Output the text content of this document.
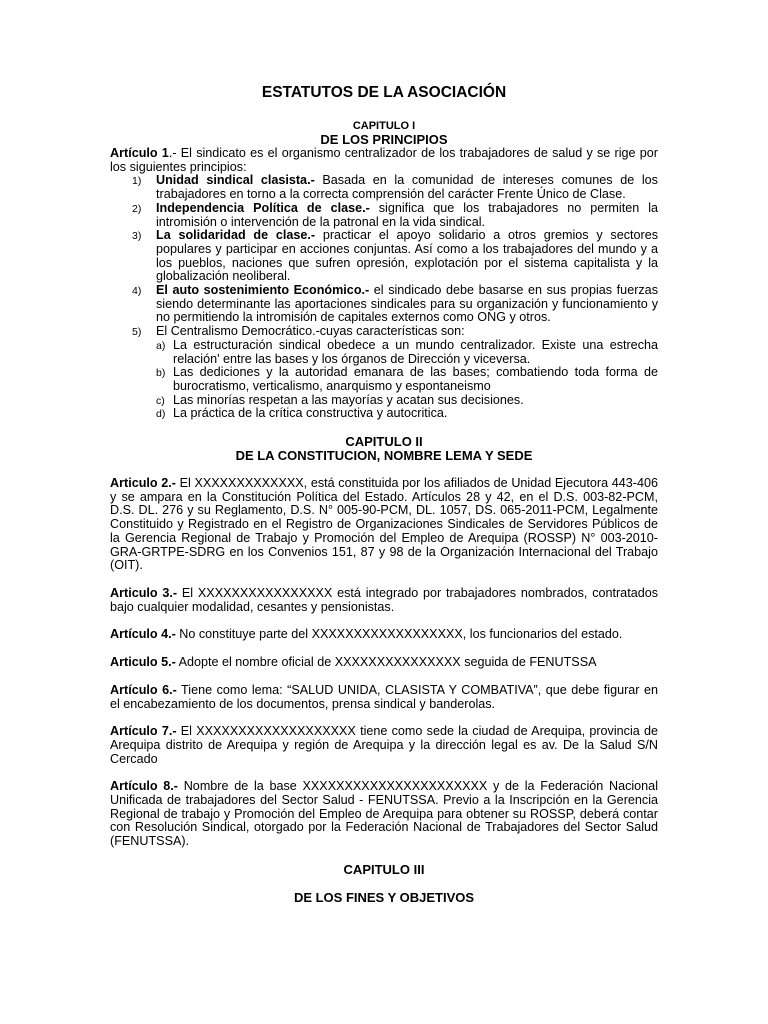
ESTATUTOS DE LA ASOCIACIÓN
CAPITULO I
DE LOS PRINCIPIOS

Artículo 1.- El sindicato es el organismo centralizador de los trabajadores de salud y se rige por los siguientes principios:

1) Unidad sindical clasista.- Basada en la comunidad de intereses comunes de los trabajadores en torno a la correcta comprensión del carácter Frente Único de Clase.
2) Independencia Política de clase.- significa que los trabajadores no permiten la intromisión o intervención de la patronal en la vida sindical.
3) La solidaridad de clase.- practicar el apoyo solidario a otros gremios y sectores populares y participar en acciones conjuntas. Así como a los trabajadores del mundo y a los pueblos, naciones que sufren opresión, explotación por el sistema capitalista y la globalización neoliberal.
4) El auto sostenimiento Económico.- el sindicado debe basarse en sus propias fuerzas siendo determinante las aportaciones sindicales para su organización y funcionamiento y no permitiendo la intromisión de capitales externos como ONG y otros.
5) El Centralismo Democrático.-cuyas características son:
a) La estructuración sindical obedece a un mundo centralizador. Existe una estrecha relación' entre las bases y los órganos de Dirección y viceversa.
b) Las dediciones y la autoridad emanara de las bases; combatiendo toda forma de burocratismo, verticalismo, anarquismo y espontaneismo
c) Las minorías respetan a las mayorías y acatan sus decisiones.
d) La práctica de la crítica constructiva y autocritica.
CAPITULO II
DE LA CONSTITUCION, NOMBRE LEMA Y SEDE

Articulo 2.- El XXXXXXXXXXXXX, está constituida por los afiliados de Unidad Ejecutora 443-406 y se ampara en la Constitución Política del Estado. Artículos 28 y 42, en el D.S. 003-82-PCM, D.S. DL. 276 y su Reglamento, D.S. N° 005-90-PCM, DL. 1057, DS. 065-2011-PCM, Legalmente Constituido y Registrado en el Registro de Organizaciones Sindicales de Servidores Públicos de la Gerencia Regional de Trabajo y Promoción del Empleo de Arequipa (ROSSP) N° 003-2010-GRA-GRTPE-SDRG en los Convenios 151, 87 y 98 de la Organización Internacional del Trabajo (OIT).

Articulo 3.- El XXXXXXXXXXXXXXXX está integrado por trabajadores nombrados, contratados bajo cualquier modalidad, cesantes y pensionistas.

Artículo 4.- No constituye parte del XXXXXXXXXXXXXXXXXX, los funcionarios del estado.

Articulo 5.- Adopte el nombre oficial de XXXXXXXXXXXXXXX seguida de FENUTSSA

Artículo 6.- Tiene como lema: “SALUD UNIDA, CLASISTA Y COMBATIVA”, que debe figurar en el encabezamiento de los documentos, prensa sindical y banderolas.

Artículo 7.- El XXXXXXXXXXXXXXXXXXX tiene como sede la ciudad de Arequipa, provincia de Arequipa distrito de Arequipa y región de Arequipa y la dirección legal es av. De la Salud S/N Cercado

Artículo 8.- Nombre de la base XXXXXXXXXXXXXXXXXXXXXX y de la Federación Nacional Unificada de trabajadores del Sector Salud - FENUTSSA. Previo a la Inscripción en la Gerencia Regional de trabajo y Promoción del Empleo de Arequipa para obtener su ROSSP, deberá contar con Resolución Sindical, otorgado por la Federación Nacional de Trabajadores del Sector Salud (FENUTSSA).

CAPITULO III
DE LOS FINES Y OBJETIVOS
